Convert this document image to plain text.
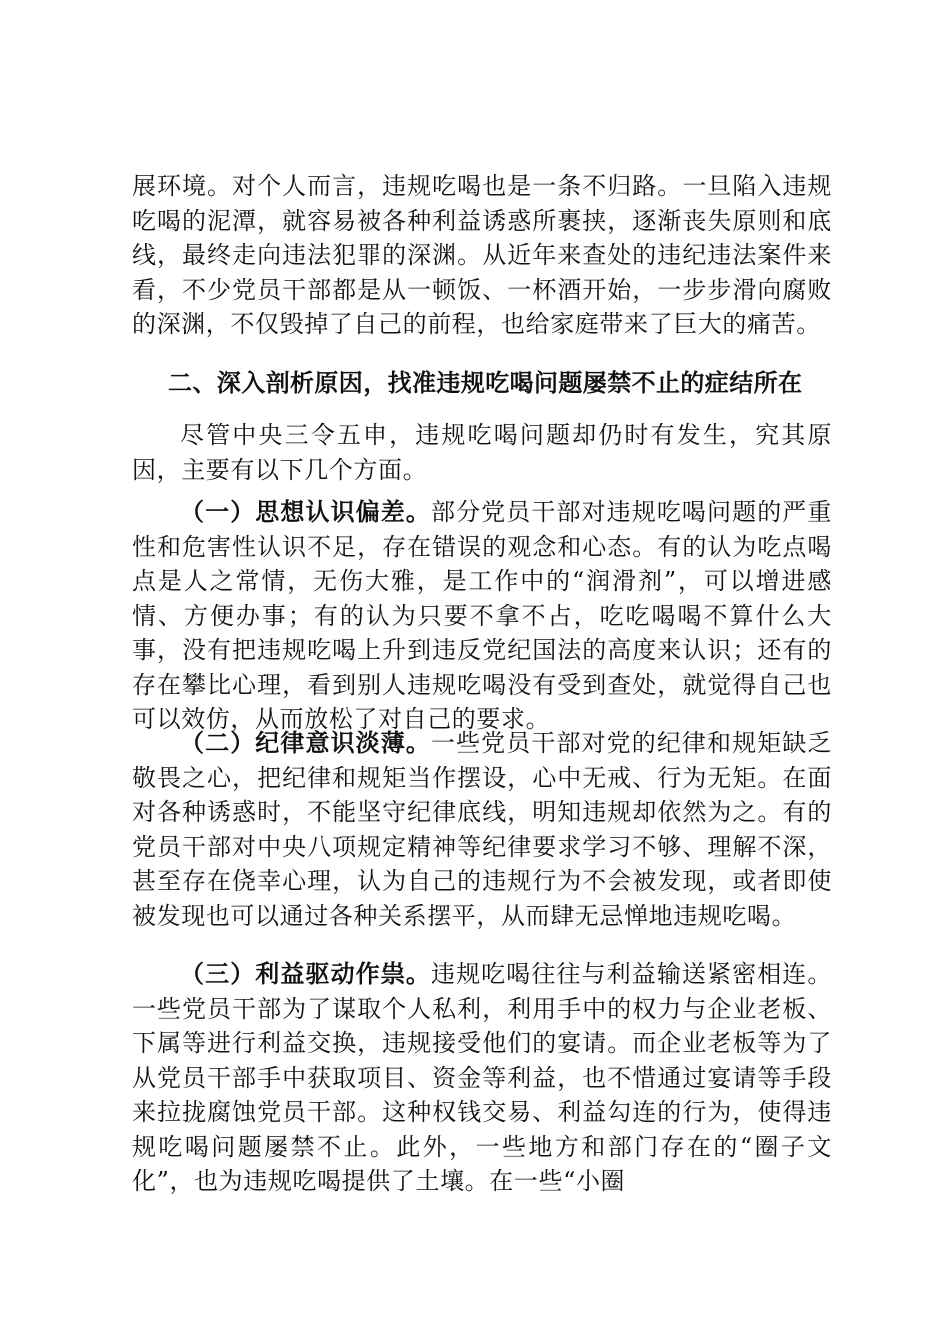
展环境。对个人而言，违规吃喝也是一条不归路。一旦陷入违规吃喝的泥潭，就容易被各种利益诱惑所裹挟，逐渐丧失原则和底线，最终走向违法犯罪的深渊。从近年来查处的违纪违法案件来看，不少党员干部都是从一顿饭、一杯酒开始，一步步滑向腐败的深渊，不仅毁掉了自己的前程，也给家庭带来了巨大的痛苦。

二、深入剖析原因，找准违规吃喝问题屡禁不止的症结所在

尽管中央三令五申，违规吃喝问题却仍时有发生，究其原因，主要有以下几个方面。

（一）思想认识偏差。部分党员干部对违规吃喝问题的严重性和危害性认识不足，存在错误的观念和心态。有的认为吃点喝点是人之常情，无伤大雅，是工作中的“润滑剂”，可以增进感情、方便办事；有的认为只要不拿不占，吃吃喝喝不算什么大事，没有把违规吃喝上升到违反党纪国法的高度来认识；还有的存在攀比心理，看到别人违规吃喝没有受到查处，就觉得自己也可以效仿，从而放松了对自己的要求。

（二）纪律意识淡薄。一些党员干部对党的纪律和规矩缺乏敬畏之心，把纪律和规矩当作摆设，心中无戒、行为无矩。在面对各种诱惑时，不能坚守纪律底线，明知违规却依然为之。有的党员干部对中央八项规定精神等纪律要求学习不够、理解不深，甚至存在侥幸心理，认为自己的违规行为不会被发现，或者即使被发现也可以通过各种关系摆平，从而肆无忌惮地违规吃喝。

（三）利益驱动作祟。违规吃喝往往与利益输送紧密相连。一些党员干部为了谋取个人私利，利用手中的权力与企业老板、下属等进行利益交换，违规接受他们的宴请。而企业老板等为了从党员干部手中获取项目、资金等利益，也不惜通过宴请等手段来拉拢腐蚀党员干部。这种权钱交易、利益勾连的行为，使得违规吃喝问题屡禁不止。此外，一些地方和部门存在的“圈子文化”，也为违规吃喝提供了土壤。在一些“小圈
